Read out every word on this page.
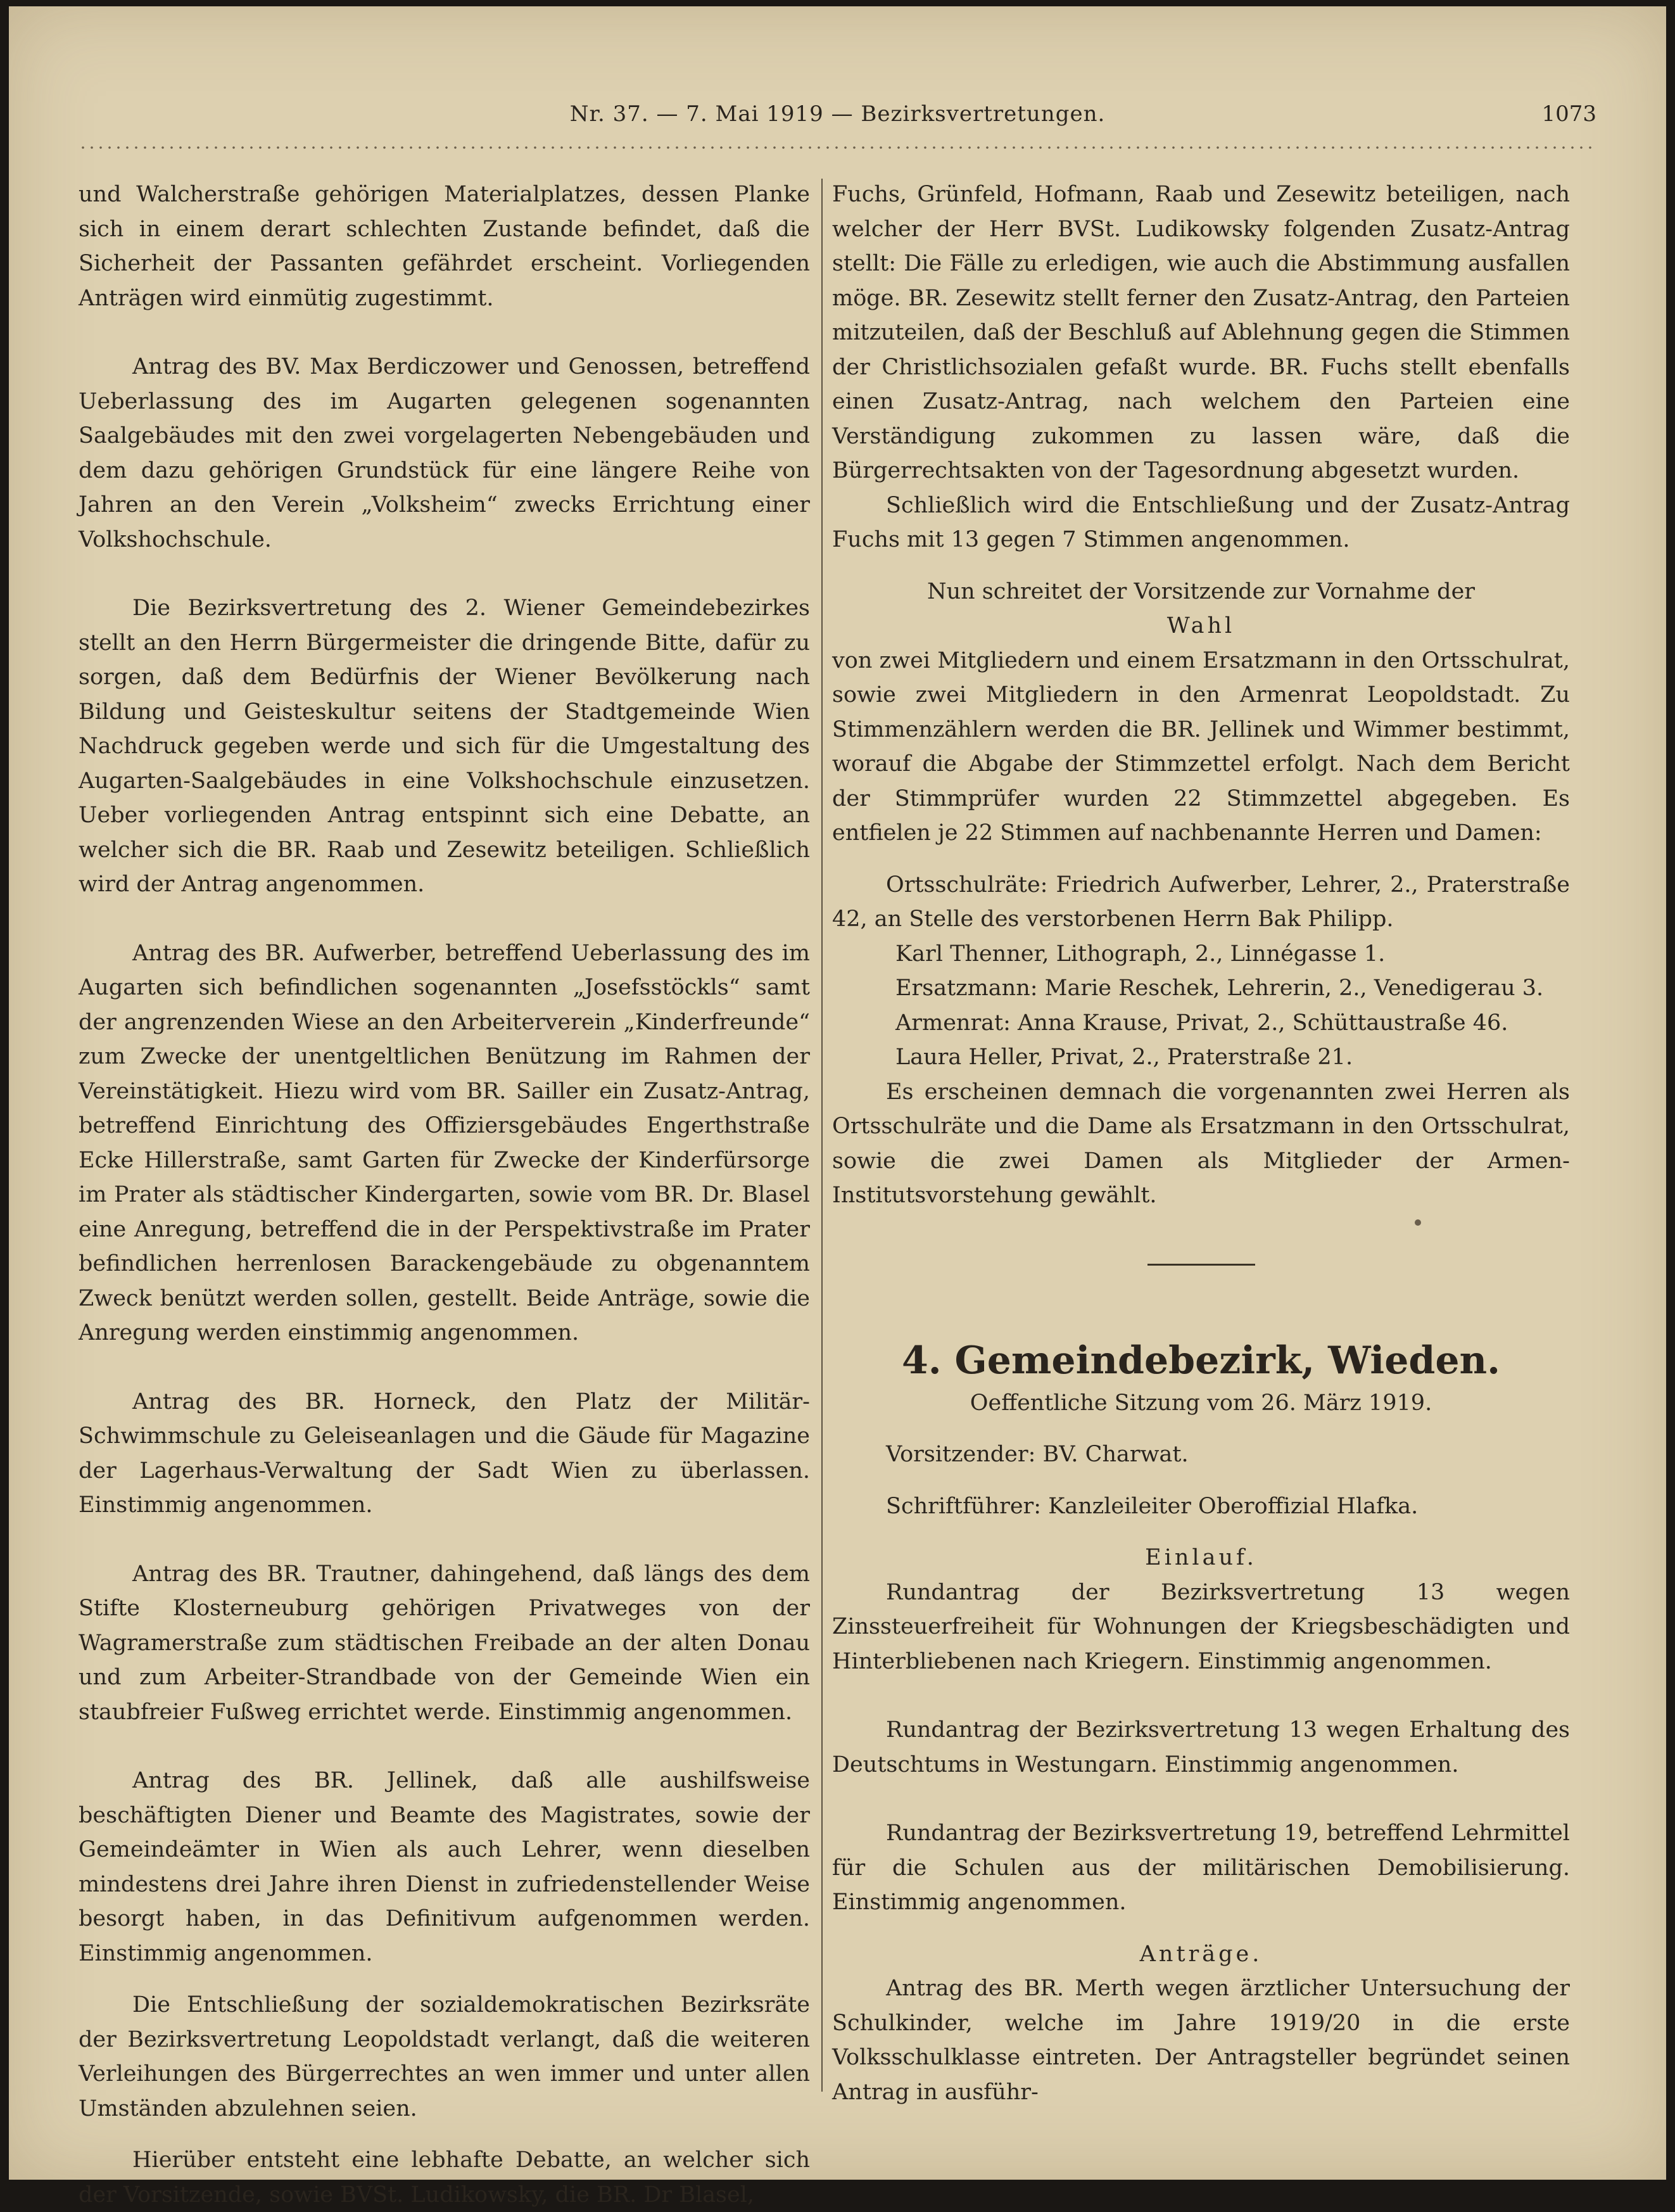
Nr. 37. — 7. Mai 1919 — Bezirksvertretungen.	1073

und Walcherstraße gehörigen Materialplatzes, dessen Planke sich in einem derart schlechten Zustande befindet, daß die Sicherheit der Passanten gefährdet erscheint. Vorliegenden Anträgen wird einmütig zugestimmt.

Antrag des BV. Max Berdiczower und Genossen, betreffend Ueberlassung des im Augarten gelegenen sogenannten Saalgebäudes mit den zwei vorgelagerten Nebengebäuden und dem dazu gehörigen Grundstück für eine längere Reihe von Jahren an den Verein „Volksheim“ zwecks Errichtung einer Volkshochschule.

Die Bezirksvertretung des 2. Wiener Gemeindebezirkes stellt an den Herrn Bürgermeister die dringende Bitte, dafür zu sorgen, daß dem Bedürfnis der Wiener Bevölkerung nach Bildung und Geisteskultur seitens der Stadtgemeinde Wien Nachdruck gegeben werde und sich für die Umgestaltung des Augarten-Saalgebäudes in eine Volkshochschule einzusetzen. Ueber vorliegenden Antrag entspinnt sich eine Debatte, an welcher sich die BR. Raab und Zesewitz beteiligen. Schließlich wird der Antrag angenommen.

Antrag des BR. Aufwerber, betreffend Ueberlassung des im Augarten sich befindlichen sogenannten „Josefsstöckls“ samt der angrenzenden Wiese an den Arbeiterverein „Kinderfreunde“ zum Zwecke der unentgeltlichen Benützung im Rahmen der Vereinstätigkeit. Hiezu wird vom BR. Sailler ein Zusatz-Antrag, betreffend Einrichtung des Offiziersgebäudes Engerthstraße Ecke Hillerstraße, samt Garten für Zwecke der Kinderfürsorge im Prater als städtischer Kindergarten, sowie vom BR. Dr. Blasel eine Anregung, betreffend die in der Perspektivstraße im Prater befindlichen herrenlosen Barackengebäude zu obgenanntem Zweck benützt werden sollen, gestellt. Beide Anträge, sowie die Anregung werden einstimmig angenommen.

Antrag des BR. Horneck, den Platz der Militär-Schwimmschule zu Geleiseanlagen und die Gäude für Magazine der Lagerhaus-Verwaltung der Sadt Wien zu überlassen. Einstimmig angenommen.

Antrag des BR. Trautner, dahingehend, daß längs des dem Stifte Klosterneuburg gehörigen Privatweges von der Wagramerstraße zum städtischen Freibade an der alten Donau und zum Arbeiter-Strandbade von der Gemeinde Wien ein staubfreier Fußweg errichtet werde. Einstimmig angenommen.

Antrag des BR. Jellinek, daß alle aushilfsweise beschäftigten Diener und Beamte des Magistrates, sowie der Gemeindeämter in Wien als auch Lehrer, wenn dieselben mindestens drei Jahre ihren Dienst in zufriedenstellender Weise besorgt haben, in das Definitivum aufgenommen werden. Einstimmig angenommen.

Die Entschließung der sozialdemokratischen Bezirksräte der Bezirksvertretung Leopoldstadt verlangt, daß die weiteren Verleihungen des Bürgerrechtes an wen immer und unter allen Umständen abzulehnen seien.

Hierüber entsteht eine lebhafte Debatte, an welcher sich der Vorsitzende, sowie BVSt. Ludikowsky, die BR. Dr Blasel,

Fuchs, Grünfeld, Hofmann, Raab und Zesewitz beteiligen, nach welcher der Herr BVSt. Ludikowsky folgenden Zusatz-Antrag stellt: Die Fälle zu erledigen, wie auch die Abstimmung ausfallen möge. BR. Zesewitz stellt ferner den Zusatz-Antrag, den Parteien mitzuteilen, daß der Beschluß auf Ablehnung gegen die Stimmen der Christlichsozialen gefaßt wurde. BR. Fuchs stellt ebenfalls einen Zusatz-Antrag, nach welchem den Parteien eine Verständigung zukommen zu lassen wäre, daß die Bürgerrechtsakten von der Tagesordnung abgesetzt wurden.

Schließlich wird die Entschließung und der Zusatz-Antrag Fuchs mit 13 gegen 7 Stimmen angenommen.

Nun schreitet der Vorsitzende zur Vornahme der

Wahl

von zwei Mitgliedern und einem Ersatzmann in den Ortsschulrat, sowie zwei Mitgliedern in den Armenrat Leopoldstadt. Zu Stimmenzählern werden die BR. Jellinek und Wimmer bestimmt, worauf die Abgabe der Stimmzettel erfolgt. Nach dem Bericht der Stimmprüfer wurden 22 Stimmzettel abgegeben. Es entfielen je 22 Stimmen auf nachbenannte Herren und Damen:

Ortsschulräte: Friedrich Aufwerber, Lehrer, 2., Praterstraße 42, an Stelle des verstorbenen Herrn Bak Philipp.

Karl Thenner, Lithograph, 2., Linnégasse 1.

Ersatzmann: Marie Reschek, Lehrerin, 2., Venedigerau 3.

Armenrat: Anna Krause, Privat, 2., Schüttaustraße 46.

Laura Heller, Privat, 2., Praterstraße 21.

Es erscheinen demnach die vorgenannten zwei Herren als Ortsschulräte und die Dame als Ersatzmann in den Ortsschulrat, sowie die zwei Damen als Mitglieder der Armen-Institutsvorstehung gewählt.

4. Gemeindebezirk, Wieden.

Oeffentliche Sitzung vom 26. März 1919.

Vorsitzender: BV. Charwat.

Schriftführer: Kanzleileiter Oberoffizial Hlafka.

Einlauf.

Rundantrag der Bezirksvertretung 13 wegen Zinssteuerfreiheit für Wohnungen der Kriegsbeschädigten und Hinterbliebenen nach Kriegern. Einstimmig angenommen.

Rundantrag der Bezirksvertretung 13 wegen Erhaltung des Deutschtums in Westungarn. Einstimmig angenommen.

Rundantrag der Bezirksvertretung 19, betreffend Lehrmittel für die Schulen aus der militärischen Demobilisierung. Einstimmig angenommen.

Anträge.

Antrag des BR. Merth wegen ärztlicher Untersuchung der Schulkinder, welche im Jahre 1919/20 in die erste Volksschulklasse eintreten. Der Antragsteller begründet seinen Antrag in ausführ-
